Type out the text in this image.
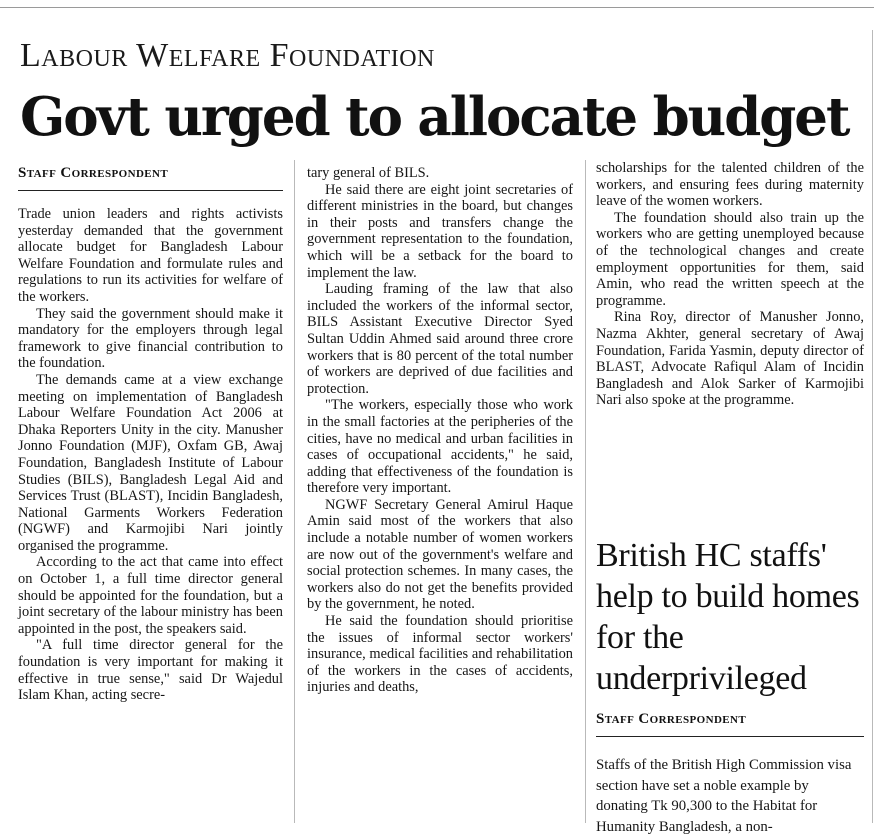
Labour Welfare Foundation
Govt urged to allocate budget
Staff Correspondent

Trade union leaders and rights activists yesterday demanded that the government allocate budget for Bangladesh Labour Welfare Foundation and formulate rules and regulations to run its activities for welfare of the workers.

They said the government should make it mandatory for the employers through legal framework to give financial contribution to the foundation.

The demands came at a view exchange meeting on implementation of Bangladesh Labour Welfare Foundation Act 2006 at Dhaka Reporters Unity in the city. Manusher Jonno Foundation (MJF), Oxfam GB, Awaj Foundation, Bangladesh Institute of Labour Studies (BILS), Bangladesh Legal Aid and Services Trust (BLAST), Incidin Bangladesh, National Garments Workers Federation (NGWF) and Karmojibi Nari jointly organised the programme.

According to the act that came into effect on October 1, a full time director general should be appointed for the foundation, but a joint secretary of the labour ministry has been appointed in the post, the speakers said.

"A full time director general for the foundation is very important for making it effective in true sense," said Dr Wajedul Islam Khan, acting secre-

tary general of BILS.

He said there are eight joint secretaries of different ministries in the board, but changes in their posts and transfers change the government representation to the foundation, which will be a setback for the board to implement the law.

Lauding framing of the law that also included the workers of the informal sector, BILS Assistant Executive Director Syed Sultan Uddin Ahmed said around three crore workers that is 80 percent of the total number of workers are deprived of due facilities and protection.

"The workers, especially those who work in the small factories at the peripheries of the cities, have no medical and urban facilities in cases of occupational accidents," he said, adding that effectiveness of the foundation is therefore very important.

NGWF Secretary General Amirul Haque Amin said most of the workers that also include a notable number of women workers are now out of the government's welfare and social protection schemes. In many cases, the workers also do not get the benefits provided by the government, he noted.

He said the foundation should prioritise the issues of informal sector workers' insurance, medical facilities and rehabilitation of the workers in the cases of accidents, injuries and deaths,

scholarships for the talented children of the workers, and ensuring fees during maternity leave of the women workers.

The foundation should also train up the workers who are getting unemployed because of the technological changes and create employment opportunities for them, said Amin, who read the written speech at the programme.

Rina Roy, director of Manusher Jonno, Nazma Akhter, general secretary of Awaj Foundation, Farida Yasmin, deputy director of BLAST, Advocate Rafiqul Alam of Incidin Bangladesh and Alok Sarker of Karmojibi Nari also spoke at the programme.

British HC staffs' help to build homes for the underprivileged
Staff Correspondent

Staffs of the British High Commission visa section have set a noble example by donating Tk 90,300 to the Habitat for Humanity Bangladesh, a non-
